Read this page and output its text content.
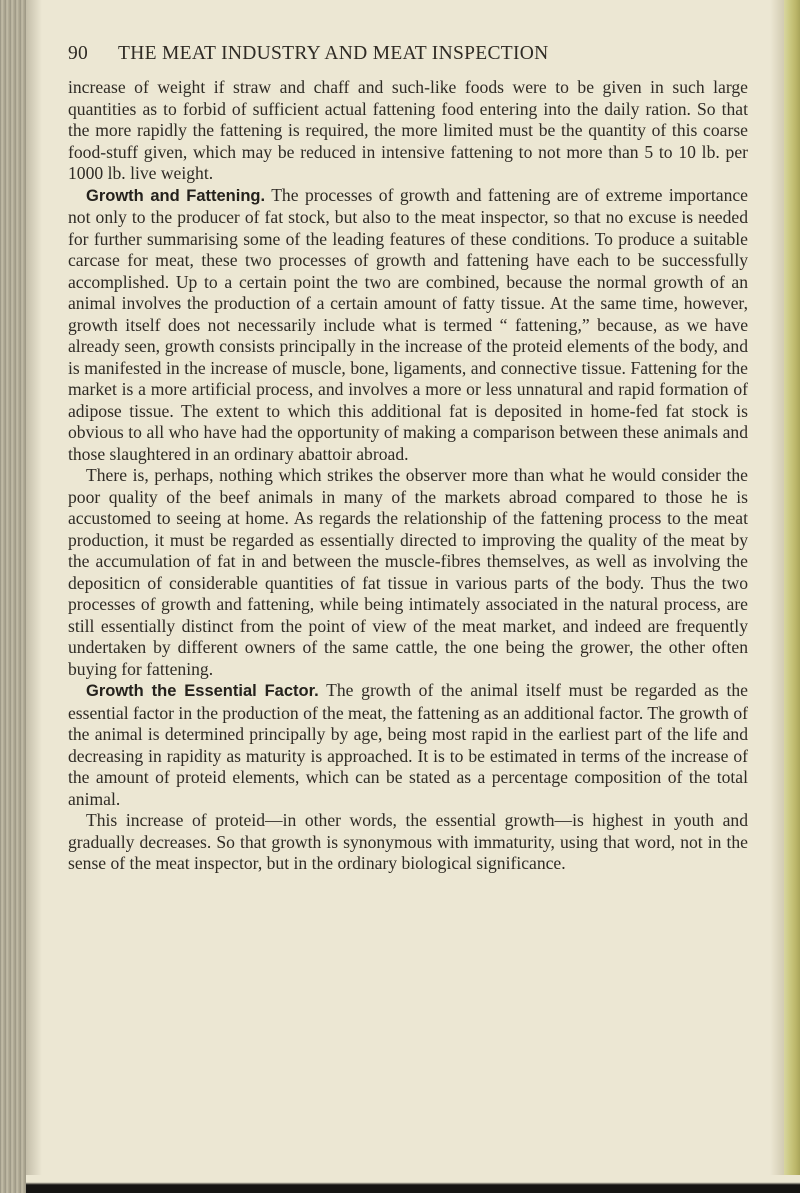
90 THE MEAT INDUSTRY AND MEAT INSPECTION

increase of weight if straw and chaff and such-like foods were to be given in such large quantities as to forbid of sufficient actual fattening food entering into the daily ration. So that the more rapidly the fattening is required, the more limited must be the quantity of this coarse food-stuff given, which may be reduced in intensive fattening to not more than 5 to 10 lb. per 1000 lb. live weight.

Growth and Fattening. The processes of growth and fattening are of extreme importance not only to the producer of fat stock, but also to the meat inspector, so that no excuse is needed for further summarising some of the leading features of these conditions. To produce a suitable carcase for meat, these two processes of growth and fattening have each to be successfully accomplished. Up to a certain point the two are combined, because the normal growth of an animal involves the production of a certain amount of fatty tissue. At the same time, however, growth itself does not necessarily include what is termed “ fattening,” because, as we have already seen, growth consists principally in the increase of the proteid elements of the body, and is manifested in the increase of muscle, bone, ligaments, and connective tissue. Fattening for the market is a more artificial process, and involves a more or less unnatural and rapid formation of adipose tissue. The extent to which this additional fat is deposited in home-fed fat stock is obvious to all who have had the opportunity of making a comparison between these animals and those slaughtered in an ordinary abattoir abroad.

There is, perhaps, nothing which strikes the observer more than what he would consider the poor quality of the beef animals in many of the markets abroad compared to those he is accustomed to seeing at home. As regards the relationship of the fattening process to the meat production, it must be regarded as essentially directed to improving the quality of the meat by the accumulation of fat in and between the muscle-fibres themselves, as well as involving the depositicn of considerable quantities of fat tissue in various parts of the body. Thus the two processes of growth and fattening, while being intimately associated in the natural process, are still essentially distinct from the point of view of the meat market, and indeed are frequently undertaken by different owners of the same cattle, the one being the grower, the other often buying for fattening.

Growth the Essential Factor. The growth of the animal itself must be regarded as the essential factor in the production of the meat, the fattening as an additional factor. The growth of the animal is determined principally by age, being most rapid in the earliest part of the life and decreasing in rapidity as maturity is approached. It is to be estimated in terms of the increase of the amount of proteid elements, which can be stated as a percentage composition of the total animal.

This increase of proteid—in other words, the essential growth—is highest in youth and gradually decreases. So that growth is synonymous with immaturity, using that word, not in the sense of the meat inspector, but in the ordinary biological significance.
